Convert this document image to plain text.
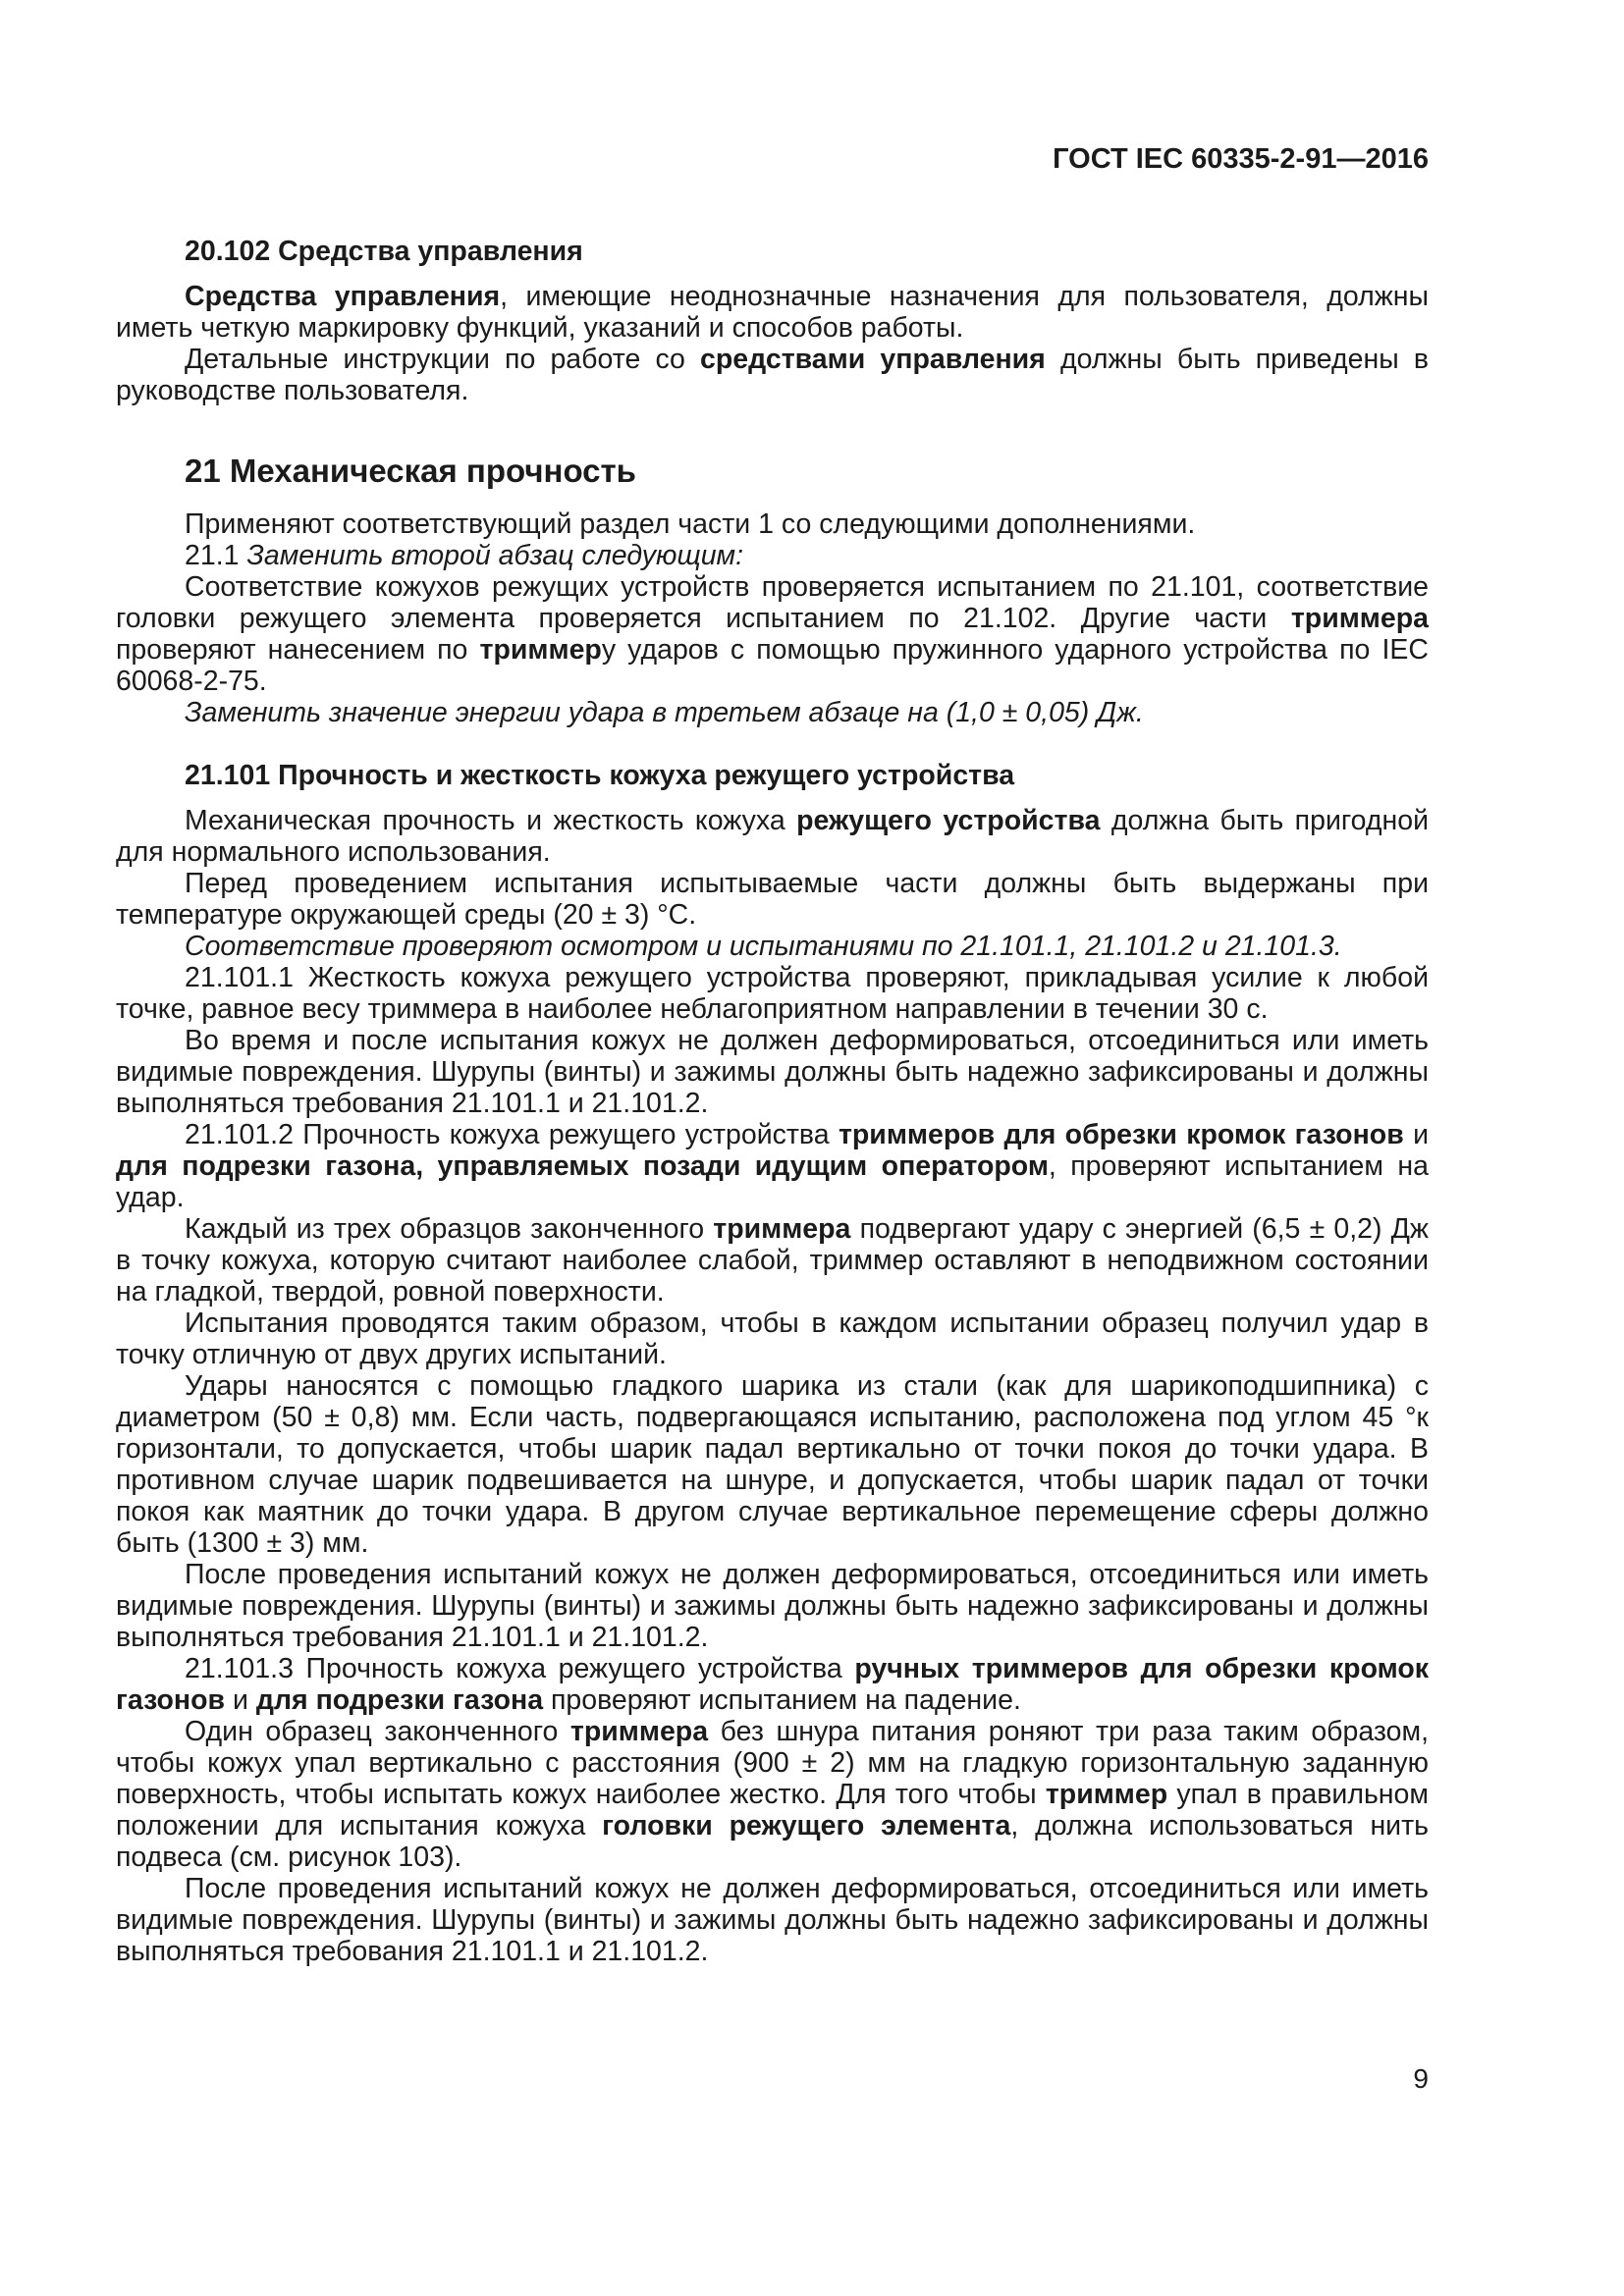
ГОСТ IEC 60335-2-91—2016
20.102 Средства управления

Средства управления, имеющие неоднозначные назначения для пользователя, должны иметь четкую маркировку функций, указаний и способов работы.

Детальные инструкции по работе со средствами управления должны быть приведены в руководстве пользователя.

21 Механическая прочность

Применяют соответствующий раздел части 1 со следующими дополнениями.

21.1 Заменить второй абзац следующим:

Соответствие кожухов режущих устройств проверяется испытанием по 21.101, соответствие головки режущего элемента проверяется испытанием по 21.102. Другие части триммера проверяют нанесением по триммеру ударов с помощью пружинного ударного устройства по IEC 60068-2-75.

Заменить значение энергии удара в третьем абзаце на (1,0 ± 0,05) Дж.

21.101 Прочность и жесткость кожуха режущего устройства

Механическая прочность и жесткость кожуха режущего устройства должна быть пригодной для нормального использования.

Перед проведением испытания испытываемые части должны быть выдержаны при температуре окружающей среды (20 ± 3) °C.

Соответствие проверяют осмотром и испытаниями по 21.101.1, 21.101.2 и 21.101.3.

21.101.1 Жесткость кожуха режущего устройства проверяют, прикладывая усилие к любой точке, равное весу триммера в наиболее неблагоприятном направлении в течении 30 с.

Во время и после испытания кожух не должен деформироваться, отсоединиться или иметь видимые повреждения. Шурупы (винты) и зажимы должны быть надежно зафиксированы и должны выполняться требования 21.101.1 и 21.101.2.

21.101.2 Прочность кожуха режущего устройства триммеров для обрезки кромок газонов и для подрезки газона, управляемых позади идущим оператором, проверяют испытанием на удар.

Каждый из трех образцов законченного триммера подвергают удару с энергией (6,5 ± 0,2) Дж в точку кожуха, которую считают наиболее слабой, триммер оставляют в неподвижном состоянии на гладкой, твердой, ровной поверхности.

Испытания проводятся таким образом, чтобы в каждом испытании образец получил удар в точку отличную от двух других испытаний.

Удары наносятся с помощью гладкого шарика из стали (как для шарикоподшипника) с диаметром (50 ± 0,8) мм. Если часть, подвергающаяся испытанию, расположена под углом 45 °к горизонтали, то допускается, чтобы шарик падал вертикально от точки покоя до точки удара. В противном случае шарик подвешивается на шнуре, и допускается, чтобы шарик падал от точки покоя как маятник до точки удара. В другом случае вертикальное перемещение сферы должно быть (1300 ± 3) мм.

После проведения испытаний кожух не должен деформироваться, отсоединиться или иметь видимые повреждения. Шурупы (винты) и зажимы должны быть надежно зафиксированы и должны выполняться требования 21.101.1 и 21.101.2.

21.101.3 Прочность кожуха режущего устройства ручных триммеров для обрезки кромок газонов и для подрезки газона проверяют испытанием на падение.

Один образец законченного триммера без шнура питания роняют три раза таким образом, чтобы кожух упал вертикально с расстояния (900 ± 2) мм на гладкую горизонтальную заданную поверхность, чтобы испытать кожух наиболее жестко. Для того чтобы триммер упал в правильном положении для испытания кожуха головки режущего элемента, должна использоваться нить подвеса (см. рисунок 103).

После проведения испытаний кожух не должен деформироваться, отсоединиться или иметь видимые повреждения. Шурупы (винты) и зажимы должны быть надежно зафиксированы и должны выполняться требования 21.101.1 и 21.101.2.

9
